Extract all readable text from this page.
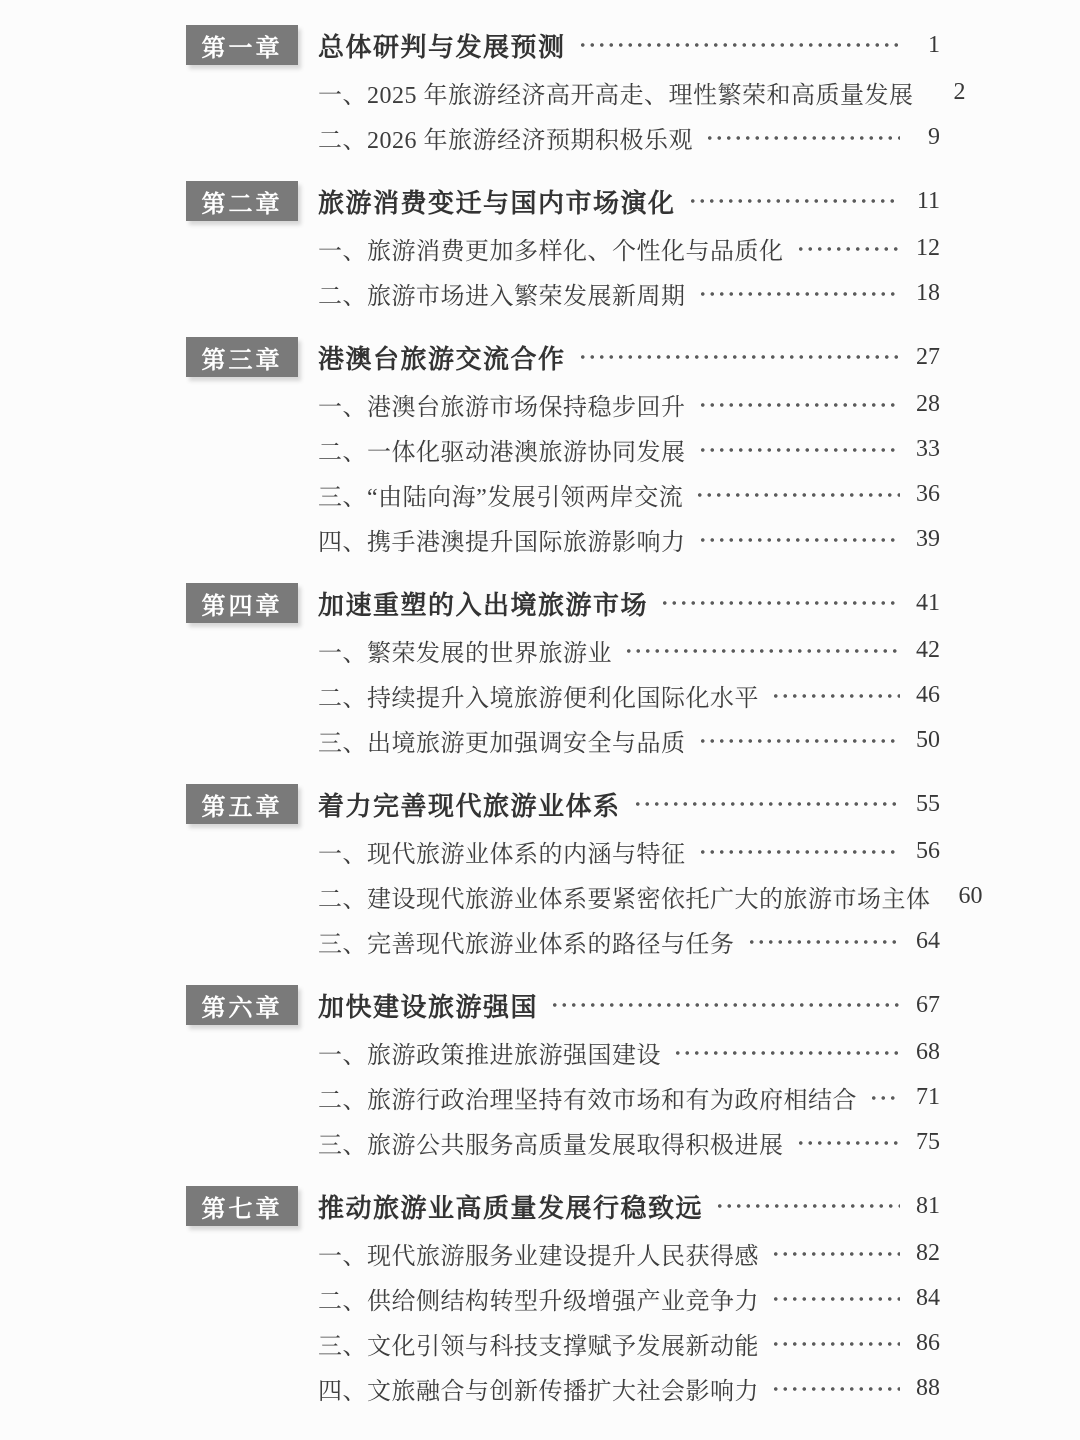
第一章 总体研判与发展预测	1
一、2025 年旅游经济高开高走、理性繁荣和高质量发展	2
二、2026 年旅游经济预期积极乐观	9
第二章 旅游消费变迁与国内市场演化	11
一、旅游消费更加多样化、个性化与品质化	12
二、旅游市场进入繁荣发展新周期	18
第三章 港澳台旅游交流合作	27
一、港澳台旅游市场保持稳步回升	28
二、一体化驱动港澳旅游协同发展	33
三、“由陆向海”发展引领两岸交流	36
四、携手港澳提升国际旅游影响力	39
第四章 加速重塑的入出境旅游市场	41
一、繁荣发展的世界旅游业	42
二、持续提升入境旅游便利化国际化水平	46
三、出境旅游更加强调安全与品质	50
第五章 着力完善现代旅游业体系	55
一、现代旅游业体系的内涵与特征	56
二、建设现代旅游业体系要紧密依托广大的旅游市场主体	60
三、完善现代旅游业体系的路径与任务	64
第六章 加快建设旅游强国	67
一、旅游政策推进旅游强国建设	68
二、旅游行政治理坚持有效市场和有为政府相结合	71
三、旅游公共服务高质量发展取得积极进展	75
第七章 推动旅游业高质量发展行稳致远	81
一、现代旅游服务业建设提升人民获得感	82
二、供给侧结构转型升级增强产业竞争力	84
三、文化引领与科技支撑赋予发展新动能	86
四、文旅融合与创新传播扩大社会影响力	88
